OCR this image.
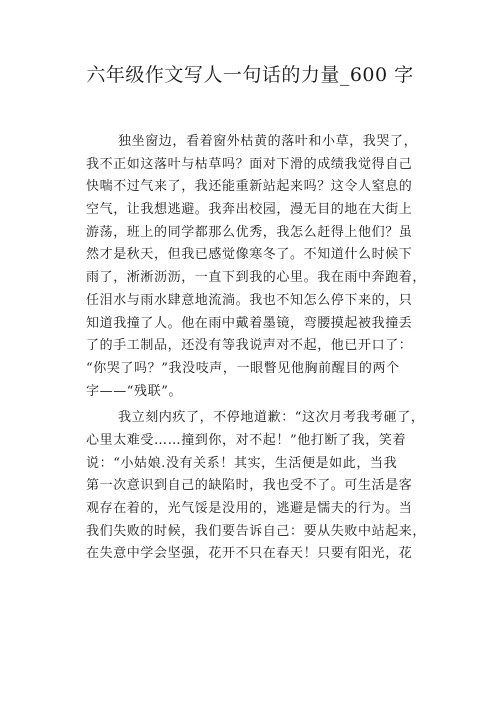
六年级作文写人一句话的力量_600 字
独坐窗边，看着窗外枯黄的落叶和小草，我哭了，
我不正如这落叶与枯草吗？面对下滑的成绩我觉得自己
快喘不过气来了，我还能重新站起来吗？这令人窒息的
空气，让我想逃避。我奔出校园，漫无目的地在大街上
游荡，班上的同学都那么优秀，我怎么赶得上他们？虽
然才是秋天，但我已感觉像寒冬了。不知道什么时候下
雨了，淅淅沥沥，一直下到我的心里。我在雨中奔跑着，
任泪水与雨水肆意地流淌。我也不知怎么停下来的，只
知道我撞了人。他在雨中戴着墨镜，弯腰摸起被我撞丢
了的手工制品，还没有等我说声对不起，他已开口了：
“你哭了吗？”我没吱声，一眼瞥见他胸前醒目的两个
字——“残联”。
我立刻内疚了，不停地道歉：“这次月考我考砸了，
心里太难受……撞到你，对不起！”他打断了我，笑着
说：“小姑娘.没有关系！其实，生活便是如此，当我
第一次意识到自己的缺陷时，我也受不了。可生活是客
观存在着的，光气馁是没用的，逃避是懦夫的行为。当
我们失败的时候，我们要告诉自己：要从失败中站起来，
在失意中学会坚强，花开不只在春天！只要有阳光，花
